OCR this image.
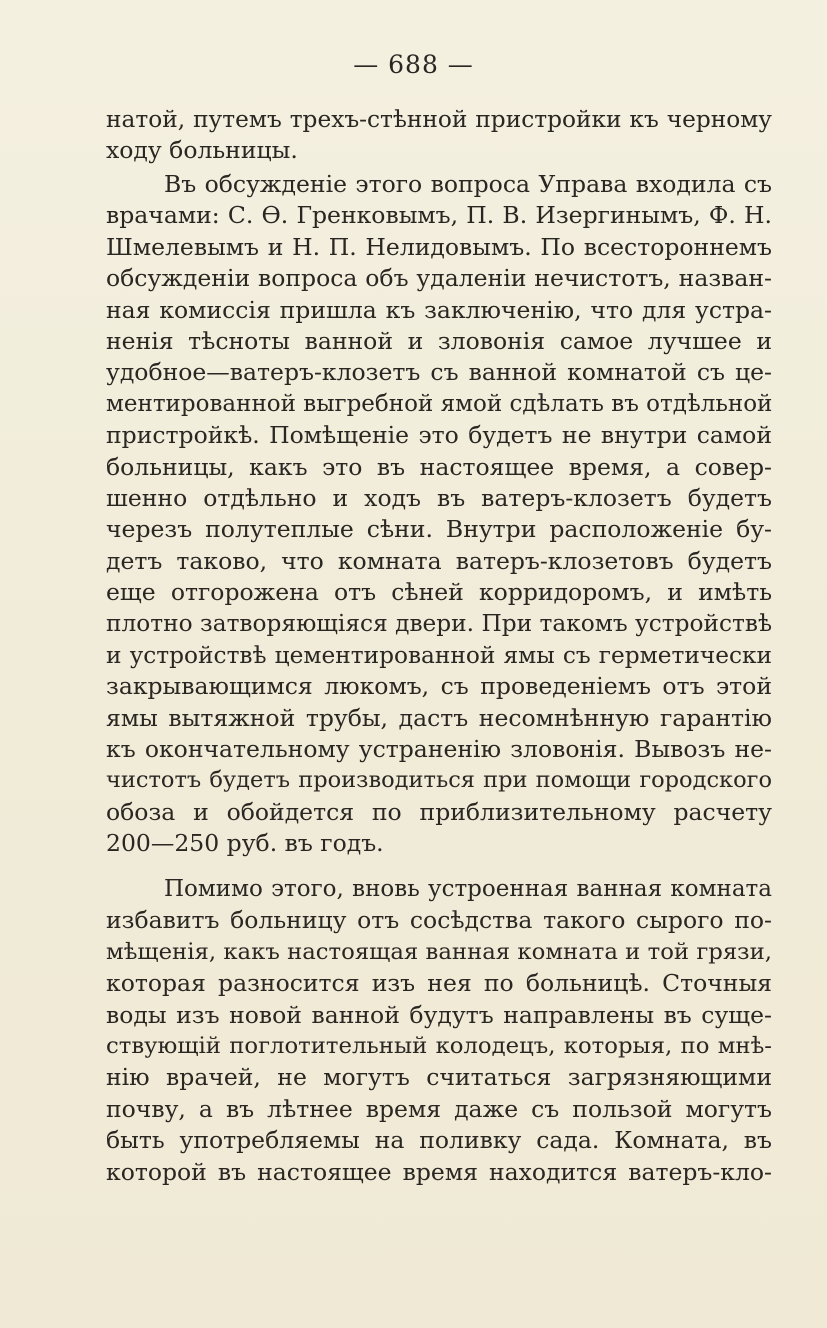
— 688 —
натой, путемъ трехъ-стѣнной пристройки къ черному
ходу больницы.
Въ обсужденіе этого вопроса Управа входила съ
врачами: С. Ѳ. Гренковымъ, П. В. Изергинымъ, Ф. Н.
Шмелевымъ и Н. П. Нелидовымъ. По всестороннемъ
обсужденіи вопроса объ удаленіи нечистотъ, назван-
ная комиссія пришла къ заключенію, что для устра-
ненія тѣсноты ванной и зловонія самое лучшее и
удобное—ватеръ-клозетъ съ ванной комнатой съ це-
ментированной выгребной ямой сдѣлать въ отдѣльной
пристройкѣ. Помѣщеніе это будетъ не внутри самой
больницы, какъ это въ настоящее время, а совер-
шенно отдѣльно и ходъ въ ватеръ-клозетъ будетъ
черезъ полутеплые сѣни. Внутри расположеніе бу-
детъ таково, что комната ватеръ-клозетовъ будетъ
еще отгорожена отъ сѣней корридоромъ, и имѣть
плотно затворяющіяся двери. При такомъ устройствѣ
и устройствѣ цементированной ямы съ герметически
закрывающимся люкомъ, съ проведеніемъ отъ этой
ямы вытяжной трубы, дастъ несомнѣнную гарантію
къ окончательному устраненію зловонія. Вывозъ не-
чистотъ будетъ производиться при помощи городского
обоза и обойдется по приблизительному расчету
200—250 руб. въ годъ.
Помимо этого, вновь устроенная ванная комната
избавитъ больницу отъ сосѣдства такого сырого по-
мѣщенія, какъ настоящая ванная комната и той грязи,
которая разносится изъ нея по больницѣ. Сточныя
воды изъ новой ванной будутъ направлены въ суще-
ствующій поглотительный колодецъ, которыя, по мнѣ-
нію врачей, не могутъ считаться загрязняющими
почву, а въ лѣтнее время даже съ пользой могутъ
быть употребляемы на поливку сада. Комната, въ
которой въ настоящее время находится ватеръ-кло-
